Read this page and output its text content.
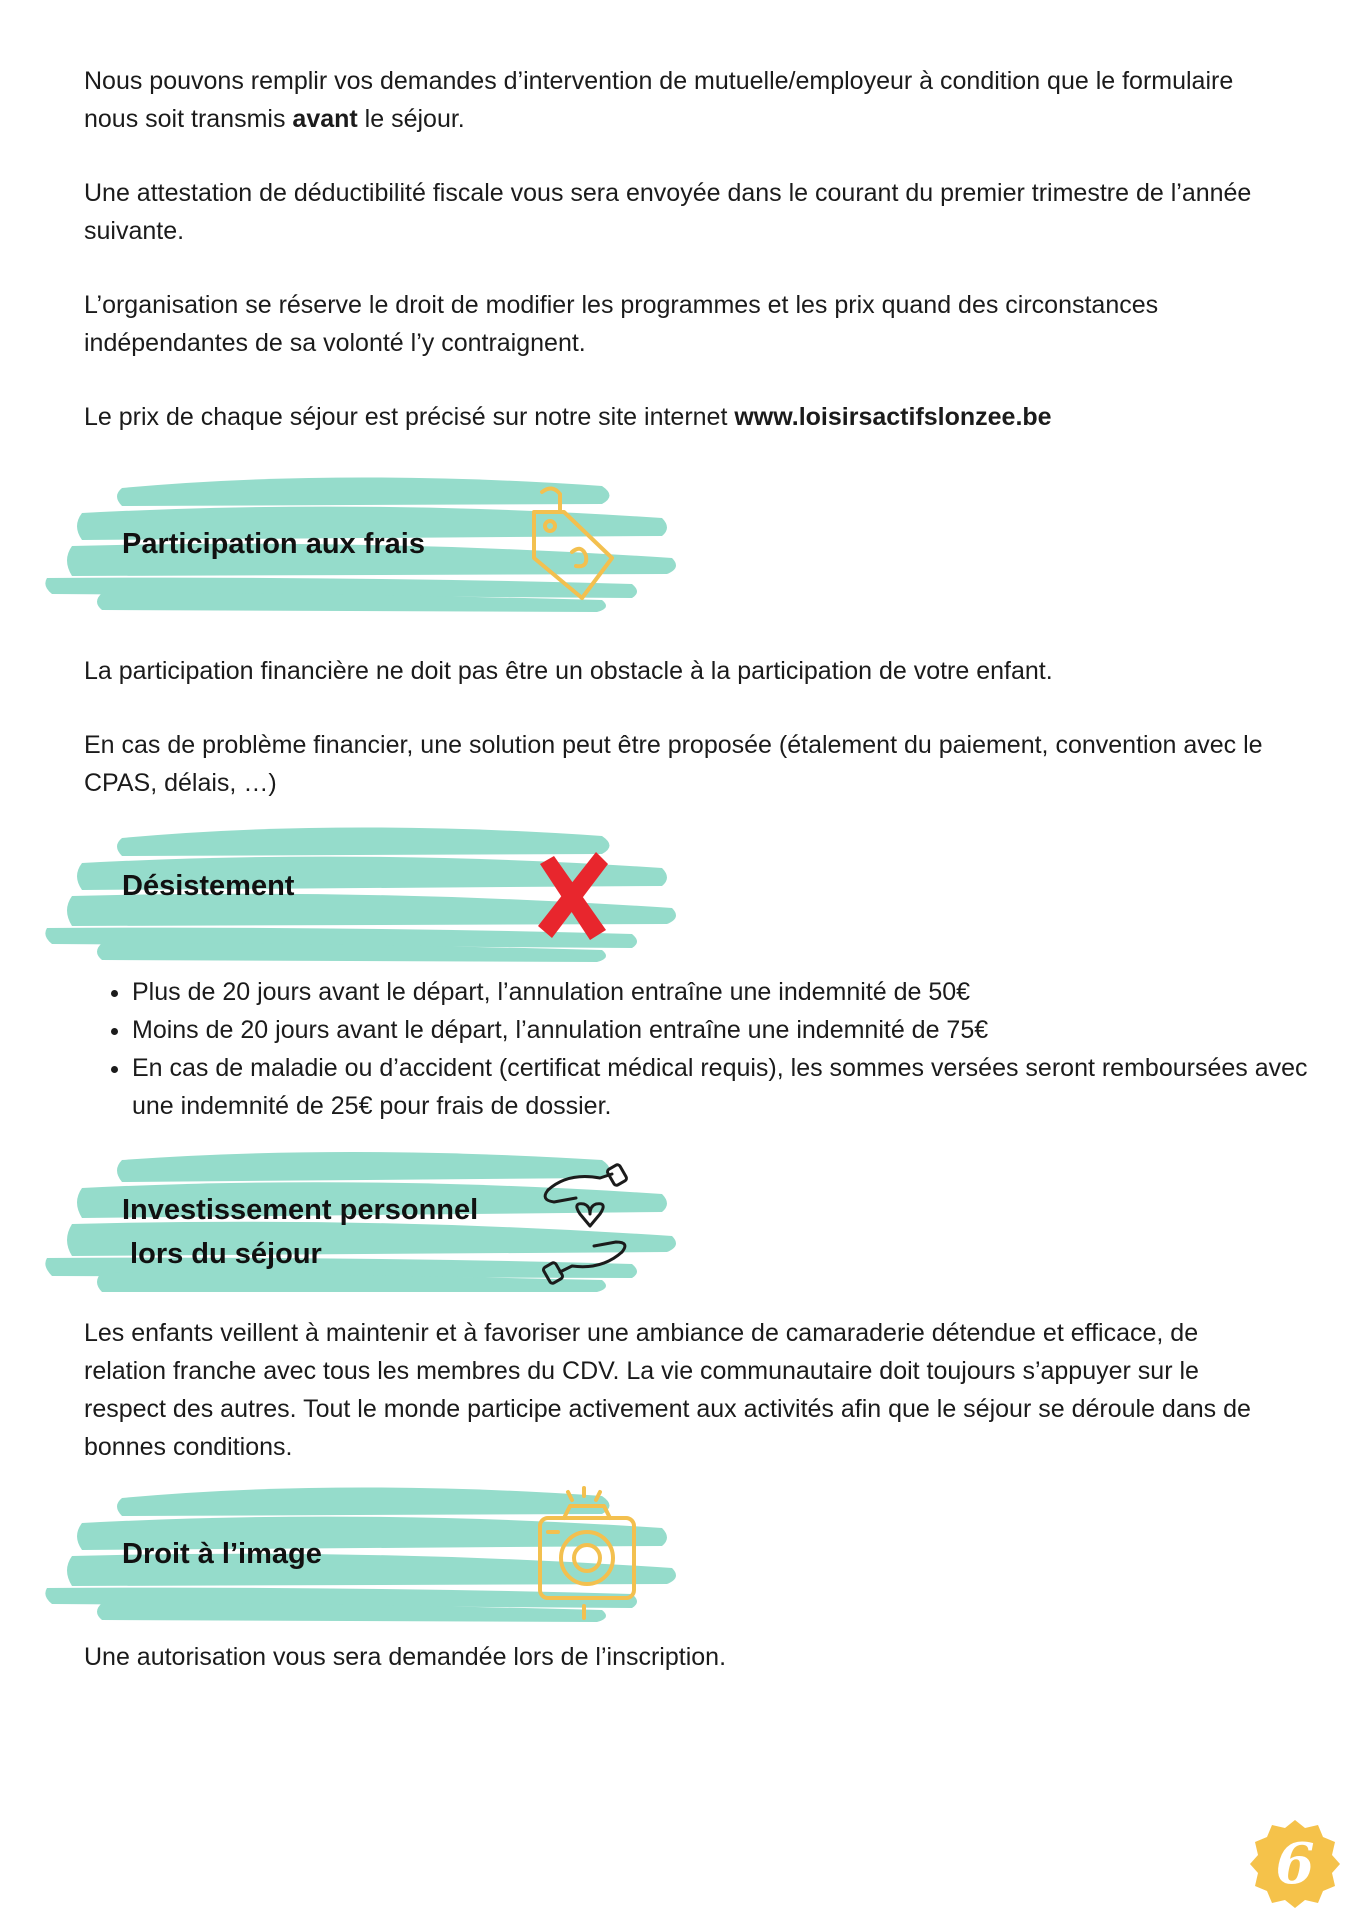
Nous pouvons remplir vos demandes d’intervention de mutuelle/employeur à condition que le formulaire nous soit transmis avant le séjour.

Une attestation de déductibilité fiscale vous sera envoyée dans le courant du premier trimestre de l’année suivante.

L’organisation se réserve le droit de modifier les programmes et les prix quand des circonstances indépendantes de sa volonté l’y contraignent.

Le prix de chaque séjour est précisé sur notre site internet www.loisirsactifslonzee.be

Participation aux frais

La participation financière ne doit pas être un obstacle à la participation de votre enfant.

En cas de problème financier, une solution peut être proposée (étalement du paiement, convention avec le CPAS, délais, …)

Désistement
• Plus de 20 jours avant le départ, l’annulation entraîne une indemnité de 50€
• Moins de 20 jours avant le départ, l’annulation entraîne une indemnité de 75€
• En cas de maladie ou d’accident (certificat médical requis), les sommes versées seront remboursées avec une indemnité de 25€ pour frais de dossier.
Investissement personnel
lors du séjour

Les enfants veillent à maintenir et à favoriser une ambiance de camaraderie détendue et efficace, de relation franche avec tous les membres du CDV. La vie communautaire doit toujours s’appuyer sur le respect des autres. Tout le monde participe activement aux activités afin que le séjour se déroule dans de bonnes conditions.

Droit à l’image

Une autorisation vous sera demandée lors de l’inscription.

6
